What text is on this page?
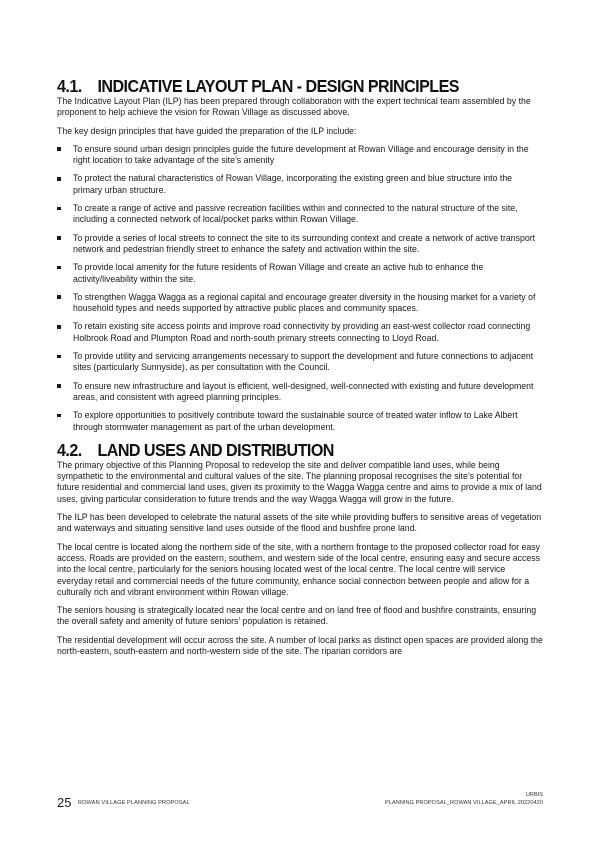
4.1. INDICATIVE LAYOUT PLAN - DESIGN PRINCIPLES

The Indicative Layout Plan (ILP) has been prepared through collaboration with the expert technical team assembled by the proponent to help achieve the vision for Rowan Village as discussed above.

The key design principles that have guided the preparation of the ILP include:

To ensure sound urban design principles guide the future development at Rowan Village and encourage density in the right location to take advantage of the site’s amenity
To protect the natural characteristics of Rowan Village, incorporating the existing green and blue structure into the primary urban structure.
To create a range of active and passive recreation facilities within and connected to the natural structure of the site, including a connected network of local/pocket parks within Rowan Village.
To provide a series of local streets to connect the site to its surrounding context and create a network of active transport network and pedestrian friendly street to enhance the safety and activation within the site.
To provide local amenity for the future residents of Rowan Village and create an active hub to enhance the activity/liveability within the site.
To strengthen Wagga Wagga as a regional capital and encourage greater diversity in the housing market for a variety of household types and needs supported by attractive public places and community spaces.
To retain existing site access points and improve road connectivity by providing an east-west collector road connecting Holbrook Road and Plumpton Road and north-south primary streets connecting to Lloyd Road.
To provide utility and servicing arrangements necessary to support the development and future connections to adjacent sites (particularly Sunnyside), as per consultation with the Council.
To ensure new infrastructure and layout is efficient, well-designed, well-connected with existing and future development areas, and consistent with agreed planning principles.
To explore opportunities to positively contribute toward the sustainable source of treated water inflow to Lake Albert through stormwater management as part of the urban development.
4.2. LAND USES AND DISTRIBUTION

The primary objective of this Planning Proposal to redevelop the site and deliver compatible land uses, while being sympathetic to the environmental and cultural values of the site. The planning proposal recognises the site’s potential for future residential and commercial land uses, given its proximity to the Wagga Wagga centre and aims to provide a mix of land uses, giving particular consideration to future trends and the way Wagga Wagga will grow in the future.

The ILP has been developed to celebrate the natural assets of the site while providing buffers to sensitive areas of vegetation and waterways and situating sensitive land uses outside of the flood and bushfire prone land.

The local centre is located along the northern side of the site, with a northern frontage to the proposed collector road for easy access. Roads are provided on the eastern, southern, and western side of the local centre, ensuring easy and secure access into the local centre, particularly for the seniors housing located west of the local centre. The local centre will service everyday retail and commercial needs of the future community, enhance social connection between people and allow for a culturally rich and vibrant environment within Rowan village.

The seniors housing is strategically located near the local centre and on land free of flood and bushfire constraints, ensuring the overall safety and amenity of future seniors’ population is retained.

The residential development will occur across the site. A number of local parks as distinct open spaces are provided along the north-eastern, south-eastern and north-western side of the site. The riparian corridors are

25 ROWAN VILLAGE PLANNING PROPOSAL
URBIS
PLANNING PROPOSAL_ROWAN VILLAGE_APRIL 20220420
